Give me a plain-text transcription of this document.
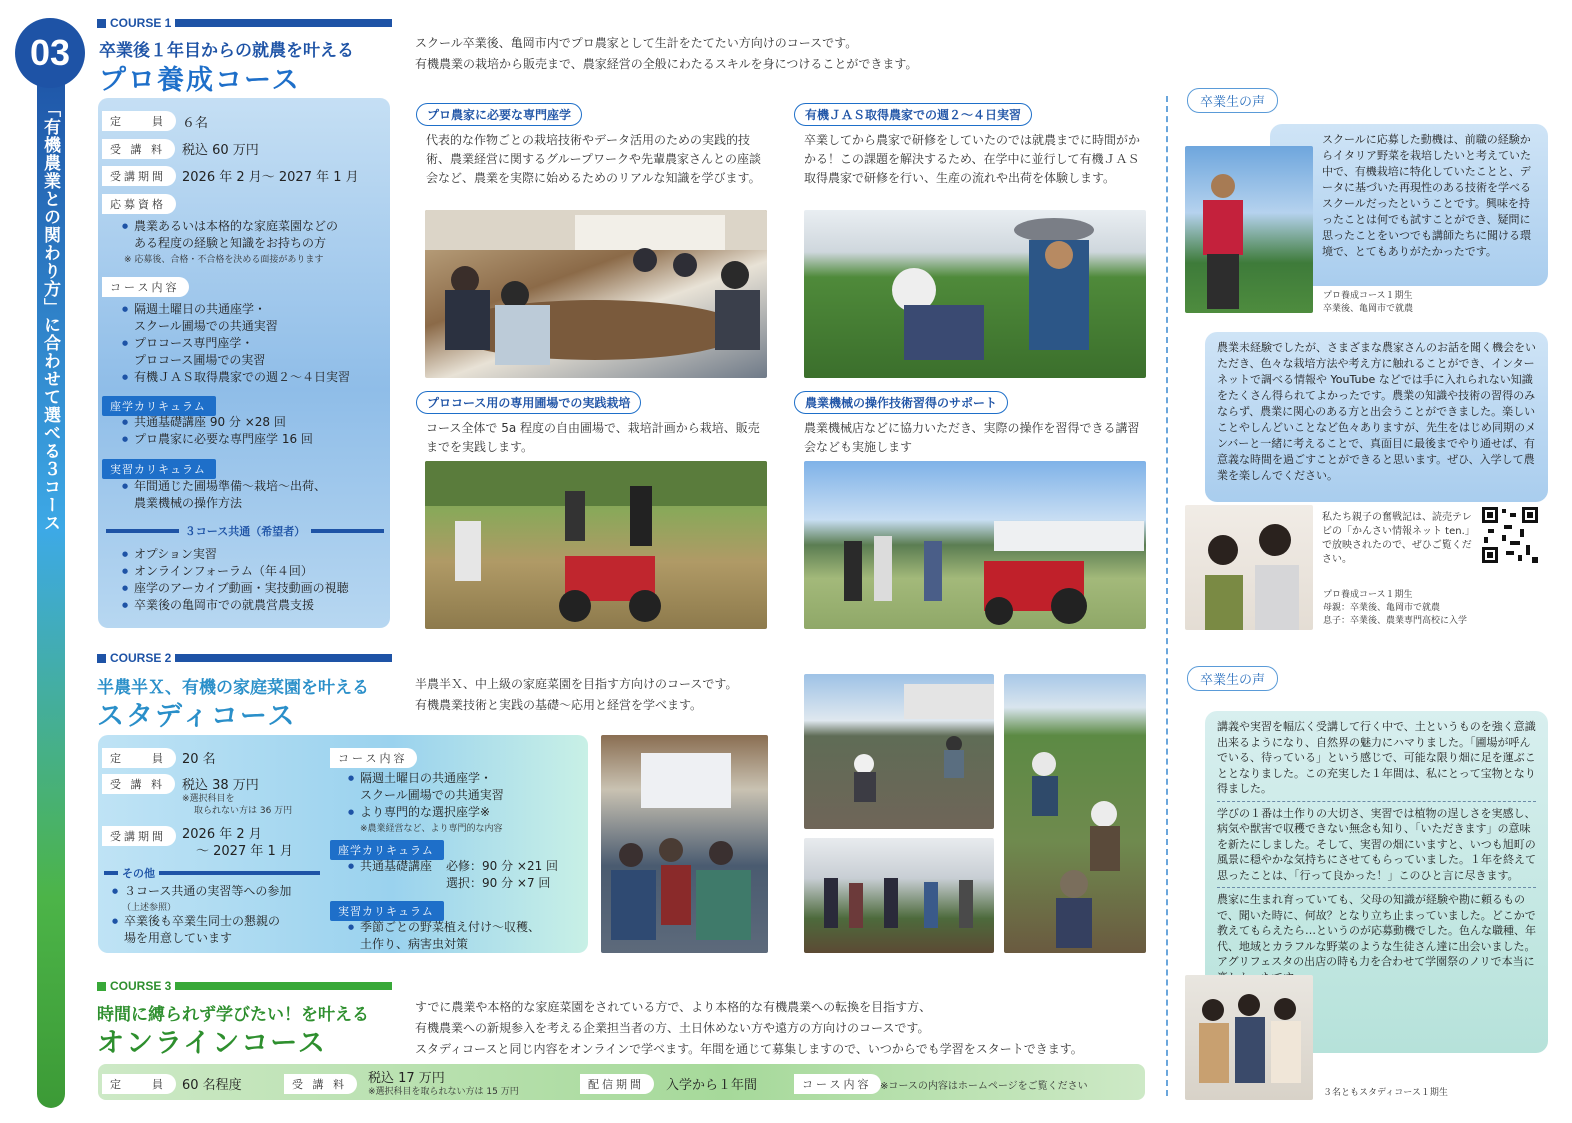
03
「有機農業との関わり方」に合わせて選べる３コース
COURSE 1
卒業後１年目からの就農を叶える
プロ養成コース
スクール卒業後、亀岡市内でプロ農家として生計をたてたい方向けのコースです。
有機農業の栽培から販売まで、農家経営の全般にわたるスキルを身につけることができます。
定　　員	６名
受 講 料	税込 60 万円
受講期間	2026 年 2 月～ 2027 年 1 月
応募資格
● 農業あるいは本格的な家庭菜園などの
ある程度の経験と知識をお持ちの方
※ 応募後、合格・不合格を決める面接があります
コース内容
● 隔週土曜日の共通座学・
スクール圃場での共通実習
● プロコース専門座学・
プロコース圃場での実習
● 有機ＪＡＳ取得農家での週２～４日実習
座学カリキュラム
● 共通基礎講座 90 分 ×28 回
● プロ農家に必要な専門座学 16 回
実習カリキュラム
● 年間通じた圃場準備～栽培～出荷、
農業機械の操作方法
３コース共通（希望者）
● オプション実習
● オンラインフォーラム（年４回）
● 座学のアーカイブ動画・実技動画の視聴
● 卒業後の亀岡市での就農営農支援
プロ農家に必要な専門座学
代表的な作物ごとの栽培技術やデータ活用のための実践的技術、農業経営に関するグループワークや先輩農家さんとの座談会など、農業を実際に始めるためのリアルな知識を学びます。
有機ＪＡＳ取得農家での週２～４日実習
卒業してから農家で研修をしていたのでは就農までに時間がかかる！この課題を解決するため、在学中に並行して有機ＪＡＳ取得農家で研修を行い、生産の流れや出荷を体験します。
プロコース用の専用圃場での実践栽培
コース全体で 5a 程度の自由圃場で、栽培計画から栽培、販売までを実践します。
農業機械の操作技術習得のサポート
農業機械店などに協力いただき、実際の操作を習得できる講習会なども実施します
卒業生の声
スクールに応募した動機は、前職の経験からイタリア野菜を栽培したいと考えていた中で、有機栽培に特化していたことと、データに基づいた再現性のある技術を学べるスクールだったということです。興味を持ったことは何でも試すことができ、疑問に思ったことをいつでも講師たちに聞ける環境で、とてもありがたかったです。
プロ養成コース１期生
卒業後、亀岡市で就農
農業未経験でしたが、さまざまな農家さんのお話を聞く機会をいただき、色々な栽培方法や考え方に触れることができ、インターネットで調べる情報や YouTube などでは手に入れられない知識をたくさん得られてよかったです。農業の知識や技術の習得のみならず、農業に関心のある方と出会うことができました。楽しいことやしんどいことなど色々ありますが、先生をはじめ同期のメンバーと一緒に考えることで、真面目に最後までやり通せば、有意義な時間を過ごすことができると思います。ぜひ、入学して農業を楽しんでください。
私たち親子の奮戦記は、読売テレビの「かんさい情報ネット ten.」で放映されたので、ぜひご覧ください。
プロ養成コース１期生
母親：卒業後、亀岡市で就農
息子：卒業後、農業専門高校に入学
COURSE 2
半農半Ｘ、有機の家庭菜園を叶える
スタディコース
半農半Ｘ、中上級の家庭菜園を目指す方向けのコースです。
有機農業技術と実践の基礎～応用と経営を学べます。
定　　員	20 名
受 講 料	税込 38 万円
※選択科目を
取られない方は 36 万円
受講期間	2026 年 2 月
～ 2027 年 1 月
その他
● ３コース共通の実習等への参加
（上述参照）
● 卒業後も卒業生同士の懇親の
場を用意しています
コース内容
● 隔週土曜日の共通座学・
スクール圃場での共通実習
● より専門的な選択座学※
※農業経営など、より専門的な内容
座学カリキュラム
● 共通基礎講座 必修：90 分 ×21 回
選択：90 分 ×7 回
実習カリキュラム
● 季節ごとの野菜植え付け～収穫、
土作り、病害虫対策
卒業生の声
講義や実習を幅広く受講して行く中で、土というものを強く意識出来るようになり、自然界の魅力にハマりました。「圃場が呼んでいる、待っている」という感じで、可能な限り畑に足を運ぶこととなりました。この充実した１年間は、私にとって宝物となり得ました。
学びの１番は土作りの大切さ、実習では植物の逞しさを実感し、病気や獣害で収穫できない無念も知り、「いただきます」の意味を新たにしました。そして、実習の畑にいますと、いつも旭町の風景に穏やかな気持ちにさせてもらっていました。１年を終えて思ったことは、「行って良かった！」このひと言に尽きます。
農家に生まれ育っていても、父母の知識が経験や勘に頼るもので、聞いた時に、何故？となり立ち止まっていました。どこかで教えてもらえたら…というのが応募動機でした。色んな職種、年代、地域とカラフルな野菜のような生徒さん達に出会いました。アグリフェスタの出店の時も力を合わせて学園祭のノリで本当に
３名ともスタディコース１期生
COURSE 3
時間に縛られず学びたい！を叶える
オンラインコース
すでに農業や本格的な家庭菜園をされている方で、より本格的な有機農業への転換を目指す方、
有機農業への新規参入を考える企業担当者の方、土日休めない方や遠方の方向けのコースです。
スタディコースと同じ内容をオンラインで学べます。年間を通じて募集しますので、いつからでも学習をスタートできます。
定　　員	60 名程度	受 講 料	税込 17 万円
※選択科目を取られない方は 15 万円
配信期間	入学から１年間	コース内容 ※コースの内容はホームページをご覧ください
